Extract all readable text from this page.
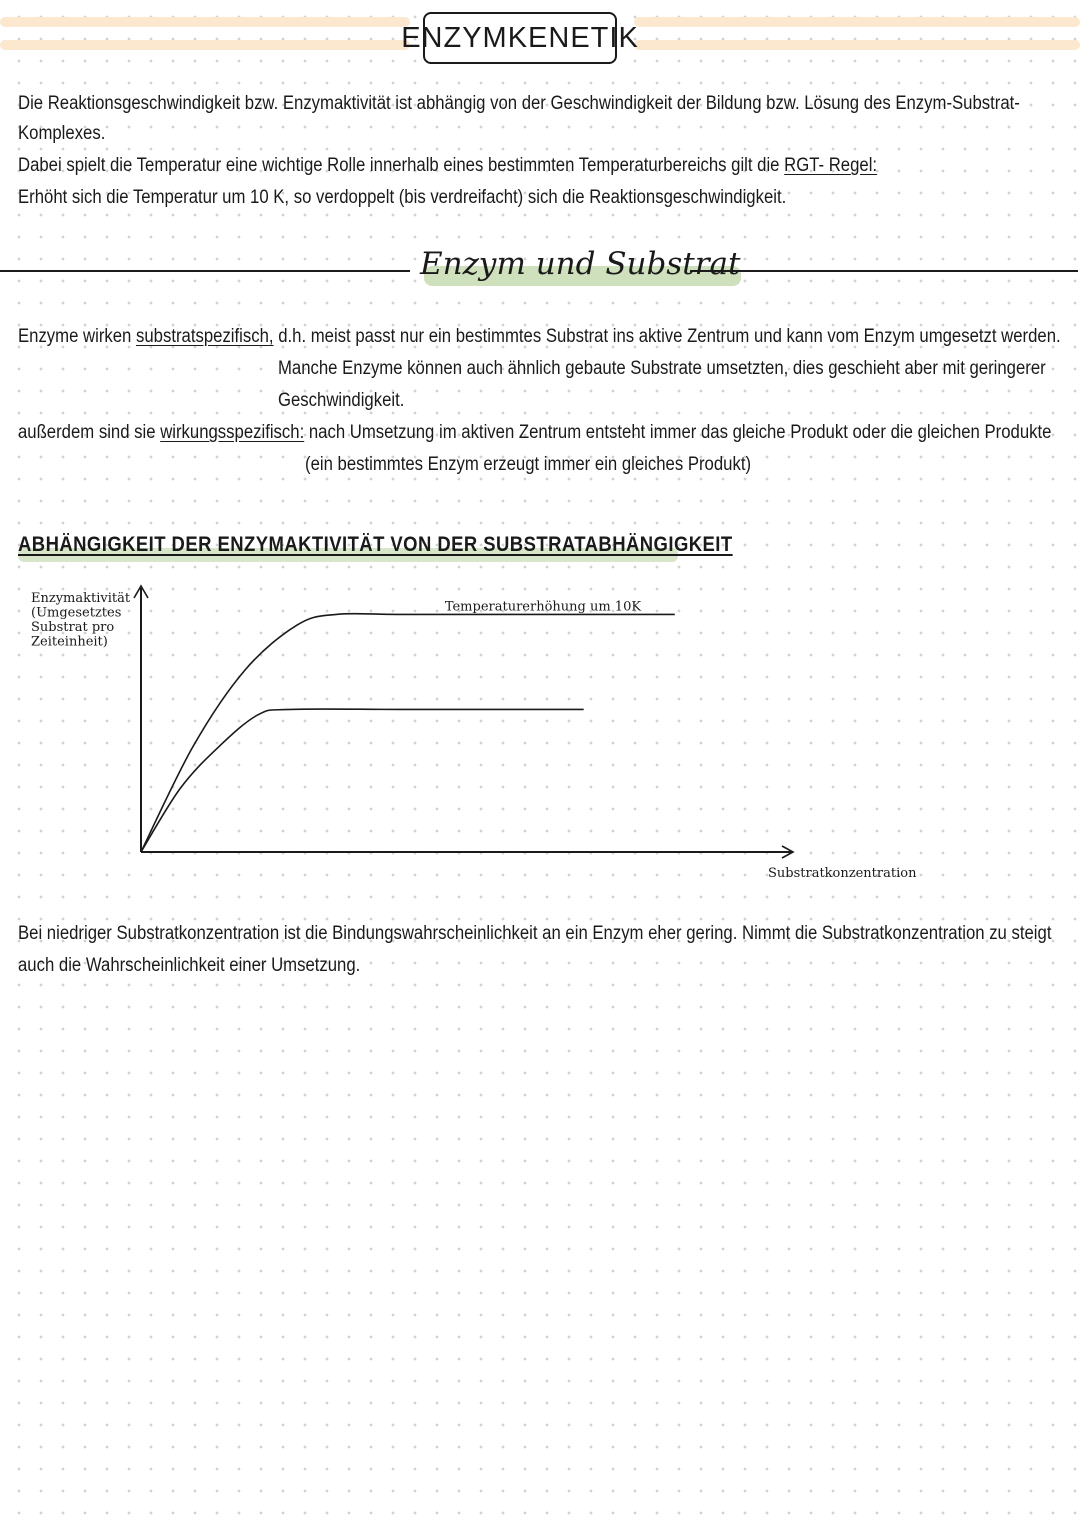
ENZYMKENETIK
Die Reaktionsgeschwindigkeit bzw. Enzymaktivität ist abhängig von der Geschwindigkeit der Bildung bzw. Lösung des Enzym-Substrat-
Komplexes.
Dabei spielt die Temperatur eine wichtige Rolle innerhalb eines bestimmten Temperaturbereichs gilt die RGT- Regel:
Erhöht sich die Temperatur um 10 K, so verdoppelt (bis verdreifacht) sich die Reaktionsgeschwindigkeit.
Enzym und Substrat
Enzyme wirken substratspezifisch, d.h. meist passt nur ein bestimmtes Substrat ins aktive Zentrum und kann vom Enzym umgesetzt werden.
Manche Enzyme können auch ähnlich gebaute Substrate umsetzten, dies geschieht aber mit geringerer
Geschwindigkeit.
außerdem sind sie wirkungsspezifisch: nach Umsetzung im aktiven Zentrum entsteht immer das gleiche Produkt oder die gleichen Produkte
(ein bestimmtes Enzym erzeugt immer ein gleiches Produkt)
ABHÄNGIGKEIT DER ENZYMAKTIVITÄT VON DER SUBSTRATABHÄNGIGKEIT
Enzymaktivität
(Umgesetztes
Substrat pro
Zeiteinheit)
Substratkonzentration
Temperaturerhöhung um 10K
Bei niedriger Substratkonzentration ist die Bindungswahrscheinlichkeit an ein Enzym eher gering. Nimmt die Substratkonzentration zu steigt
auch die Wahrscheinlichkeit einer Umsetzung.
